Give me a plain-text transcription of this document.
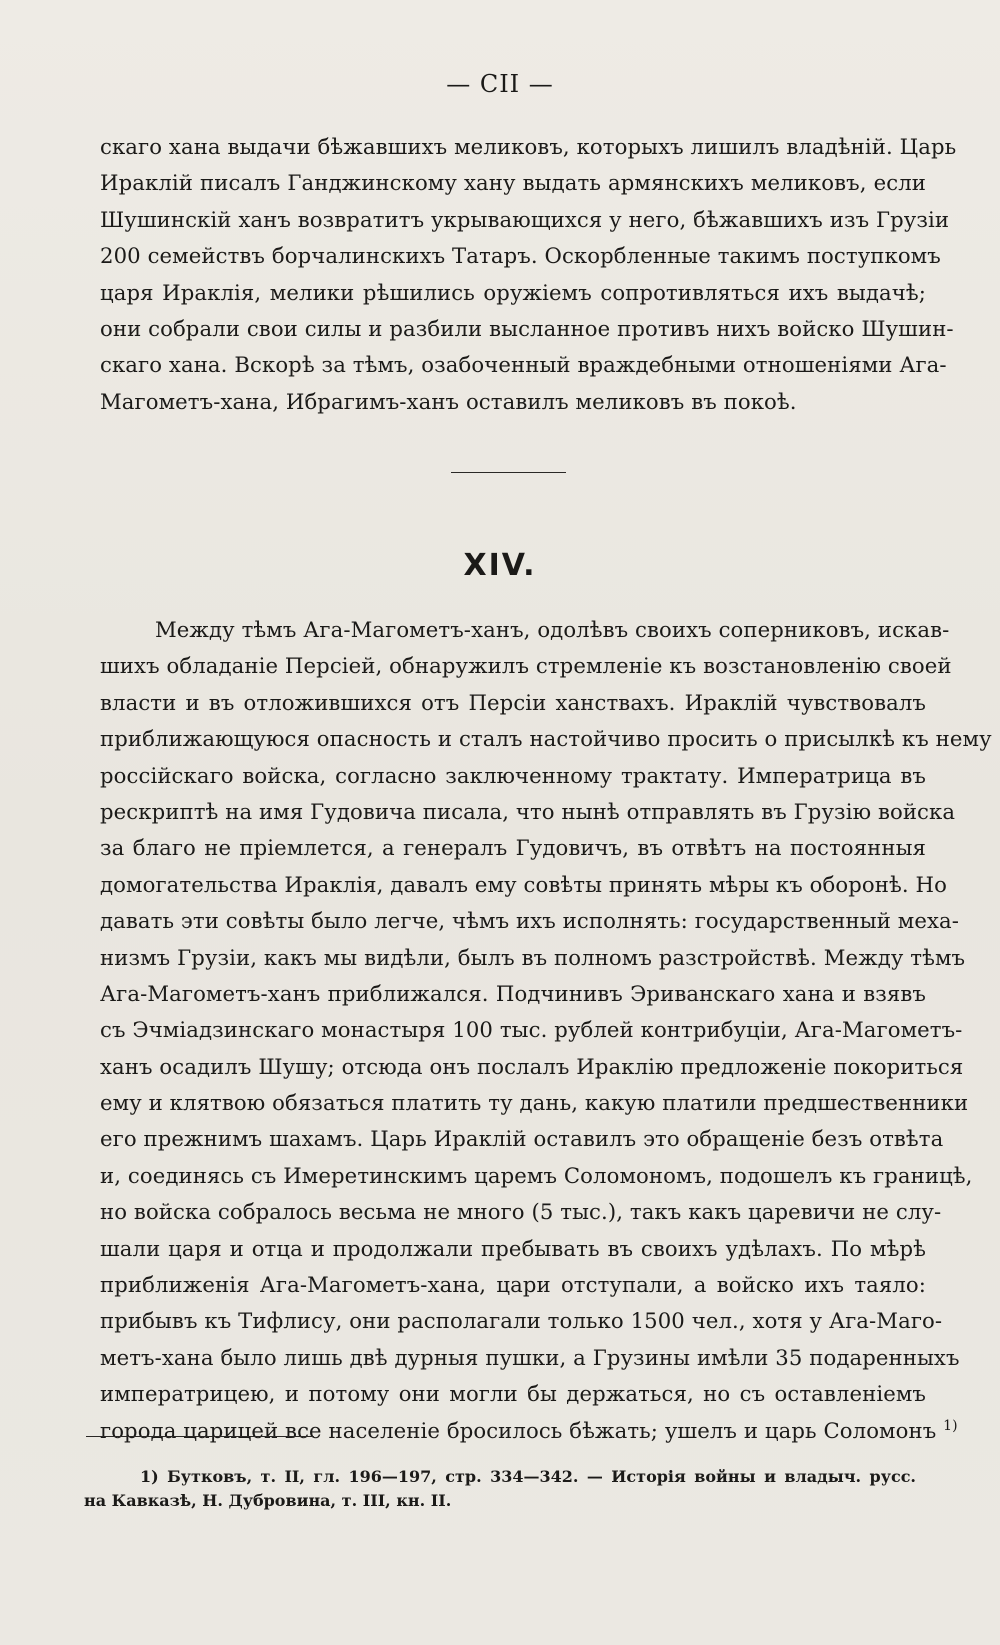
— CII —
скаго хана выдачи бѣжавшихъ меликовъ, которыхъ лишилъ владѣній. Царь
Ираклій писалъ Ганджинскому хану выдать армянскихъ меликовъ, если
Шушинскій ханъ возвратитъ укрывающихся у него, бѣжавшихъ изъ Грузіи
200 семействъ борчалинскихъ Татаръ. Оскорбленные такимъ поступкомъ
царя Ираклія, мелики рѣшились оружіемъ сопротивляться ихъ выдачѣ;
они собрали свои силы и разбили высланное противъ нихъ войско Шушин-
скаго хана. Вскорѣ за тѣмъ, озабоченный враждебными отношеніями Ага-
Магометъ-хана, Ибрагимъ-ханъ оставилъ меликовъ въ покоѣ.
XIV.
Между тѣмъ Ага-Магометъ-ханъ, одолѣвъ своихъ соперниковъ, искав-
шихъ обладаніе Персіей, обнаружилъ стремленіе къ возстановленію своей
власти и въ отложившихся отъ Персіи ханствахъ. Ираклій чувствовалъ
приближающуюся опасность и сталъ настойчиво просить о присылкѣ къ нему
россійскаго войска, согласно заключенному трактату. Императрица въ
рескриптѣ на имя Гудовича писала, что нынѣ отправлять въ Грузію войска
за благо не пріемлется, а генералъ Гудовичъ, въ отвѣтъ на постоянныя
домогательства Ираклія, давалъ ему совѣты принять мѣры къ оборонѣ. Но
давать эти совѣты было легче, чѣмъ ихъ исполнять: государственный меха-
низмъ Грузіи, какъ мы видѣли, былъ въ полномъ разстройствѣ. Между тѣмъ
Ага-Магометъ-ханъ приближался. Подчинивъ Эриванскаго хана и взявъ
съ Эчміадзинскаго монастыря 100 тыс. рублей контрибуціи, Ага-Магометъ-
ханъ осадилъ Шушу; отсюда онъ послалъ Ираклію предложеніе покориться
ему и клятвою обязаться платить ту дань, какую платили предшественники
его прежнимъ шахамъ. Царь Ираклій оставилъ это обращеніе безъ отвѣта
и, соединясь съ Имеретинскимъ царемъ Соломономъ, подошелъ къ границѣ,
но войска собралось весьма не много (5 тыс.), такъ какъ царевичи не слу-
шали царя и отца и продолжали пребывать въ своихъ удѣлахъ. По мѣрѣ
приближенія Ага-Магометъ-хана, цари отступали, а войско ихъ таяло:
прибывъ къ Тифлису, они располагали только 1500 чел., хотя у Ага-Маго-
метъ-хана было лишь двѣ дурныя пушки, а Грузины имѣли 35 подаренныхъ
императрицею, и потому они могли бы держаться, но съ оставленіемъ
города царицей все населеніе бросилось бѣжать; ушелъ и царь Соломонъ $^{1)}$
1) Бутковъ, т. II, гл. 196—197, стр. 334—342. — Исторія войны и владыч. русс.
на Кавказѣ, Н. Дубровина, т. III, кн. II.
